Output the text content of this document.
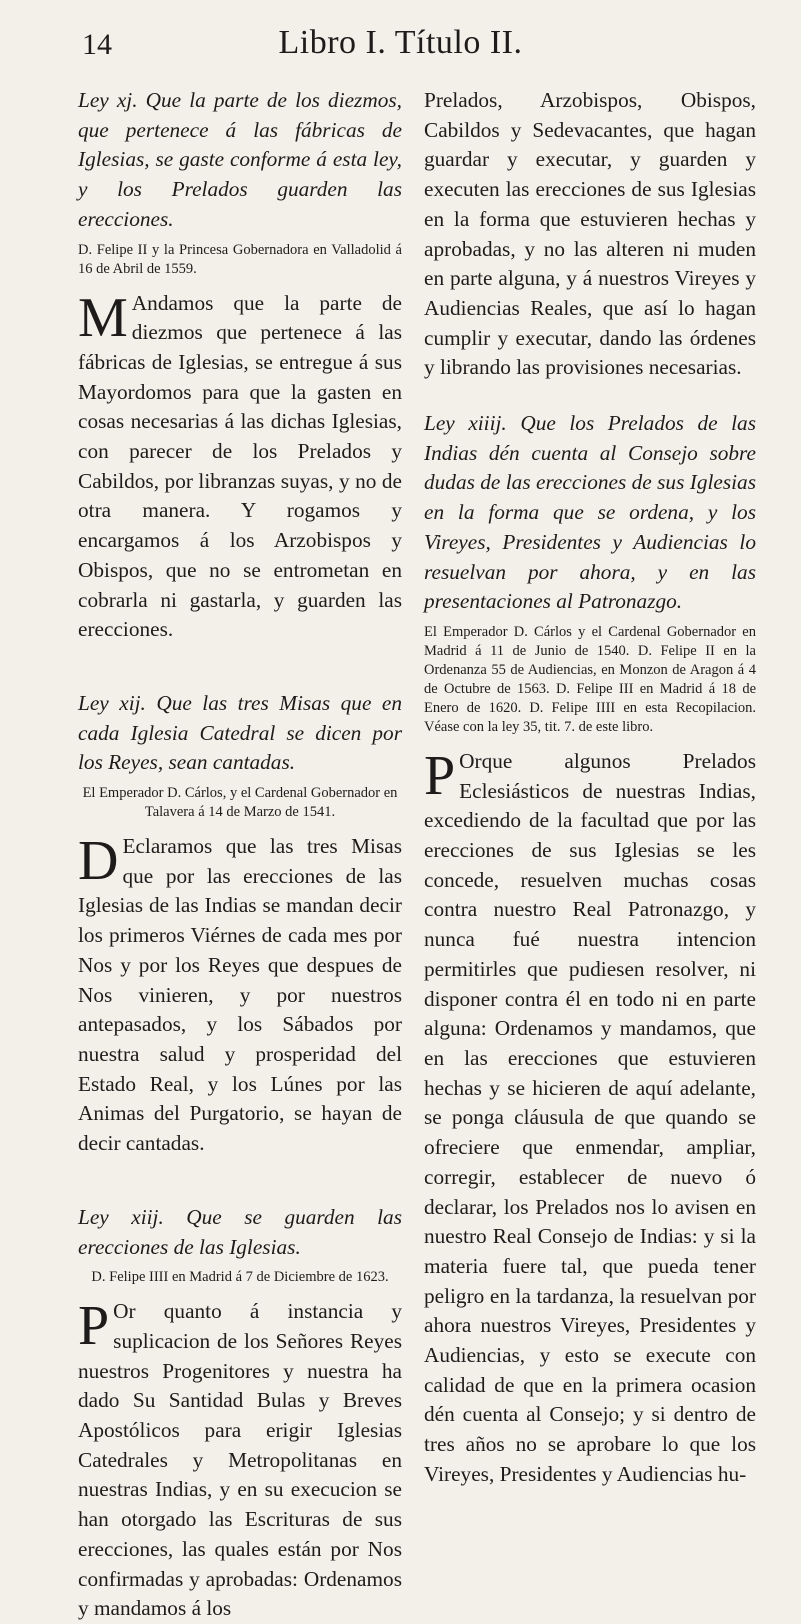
14	Libro I. Título II.

Ley xj. Que la parte de los diezmos, que pertenece á las fábricas de Iglesias, se gaste conforme á esta ley, y los Prelados guarden las erecciones.

D. Felipe II y la Princesa Gobernadora en Valladolid á 16 de Abril de 1559.

M Andamos que la parte de diezmos que pertenece á las fábricas de Iglesias, se entregue á sus Mayordomos para que la gasten en cosas necesarias á las dichas Iglesias, con parecer de los Prelados y Cabildos, por libranzas suyas, y no de otra manera. Y rogamos y encargamos á los Arzobispos y Obispos, que no se entrometan en cobrarla ni gastarla, y guarden las erecciones.

Ley xij. Que las tres Misas que en cada Iglesia Catedral se dicen por los Reyes, sean cantadas.

El Emperador D. Cárlos, y el Cardenal Gobernador en Talavera á 14 de Marzo de 1541.

D Eclaramos que las tres Misas que por las erecciones de las Iglesias de las Indias se mandan decir los primeros Viérnes de cada mes por Nos y por los Reyes que despues de Nos vinieren, y por nuestros antepasados, y los Sábados por nuestra salud y prosperidad del Estado Real, y los Lúnes por las Animas del Purgatorio, se hayan de decir cantadas.

Ley xiij. Que se guarden las erecciones de las Iglesias.

D. Felipe IIII en Madrid á 7 de Diciembre de 1623.

P Or quanto á instancia y suplicacion de los Señores Reyes nuestros Progenitores y nuestra ha dado Su Santidad Bulas y Breves Apostólicos para erigir Iglesias Catedrales y Metropolitanas en nuestras Indias, y en su execucion se han otorgado las Escrituras de sus erecciones, las quales están por Nos confirmadas y aprobadas: Ordenamos y mandamos á los

Prelados, Arzobispos, Obispos, Cabildos y Sedevacantes, que hagan guardar y executar, y guarden y executen las erecciones de sus Iglesias en la forma que estuvieren hechas y aprobadas, y no las alteren ni muden en parte alguna, y á nuestros Vireyes y Audiencias Reales, que así lo hagan cumplir y executar, dando las órdenes y librando las provisiones necesarias.

Ley xiiij. Que los Prelados de las Indias dén cuenta al Consejo sobre dudas de las erecciones de sus Iglesias en la forma que se ordena, y los Vireyes, Presidentes y Audiencias lo resuelvan por ahora, y en las presentaciones al Patronazgo.

El Emperador D. Cárlos y el Cardenal Gobernador en Madrid á 11 de Junio de 1540. D. Felipe II en la Ordenanza 55 de Audiencias, en Monzon de Aragon á 4 de Octubre de 1563. D. Felipe III en Madrid á 18 de Enero de 1620. D. Felipe IIII en esta Recopilacion. Véase con la ley 35, tit. 7. de este libro.

P Orque algunos Prelados Eclesiásticos de nuestras Indias, excediendo de la facultad que por las erecciones de sus Iglesias se les concede, resuelven muchas cosas contra nuestro Real Patronazgo, y nunca fué nuestra intencion permitirles que pudiesen resolver, ni disponer contra él en todo ni en parte alguna: Ordenamos y mandamos, que en las erecciones que estuvieren hechas y se hicieren de aquí adelante, se ponga cláusula de que quando se ofreciere que enmendar, ampliar, corregir, establecer de nuevo ó declarar, los Prelados nos lo avisen en nuestro Real Consejo de Indias: y si la materia fuere tal, que pueda tener peligro en la tardanza, la resuelvan por ahora nuestros Vireyes, Presidentes y Audiencias, y esto se execute con calidad de que en la primera ocasion dén cuenta al Consejo; y si dentro de tres años no se aprobare lo que los Vireyes, Presidentes y Audiencias hu-
